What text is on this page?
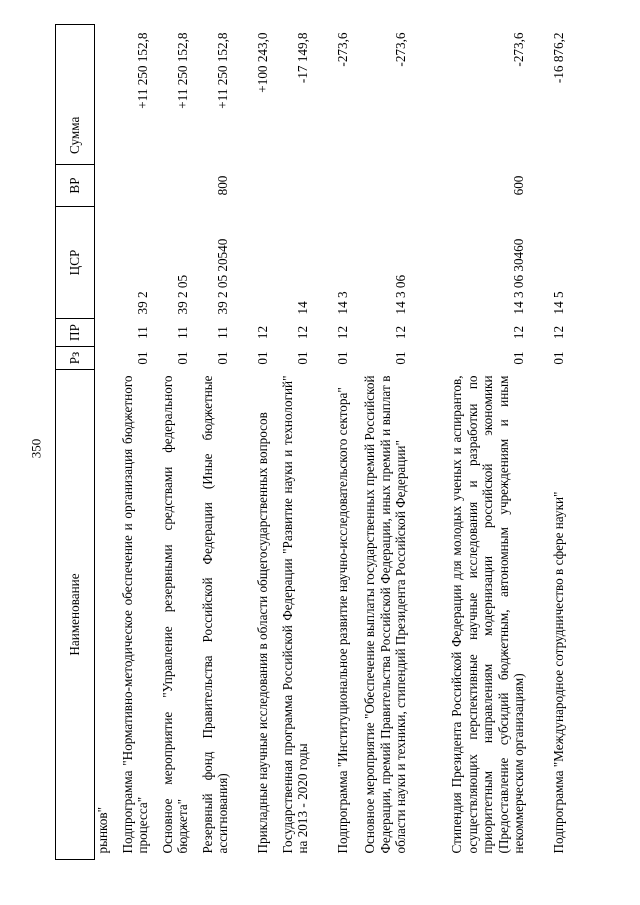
350
Наименование	Рз	ПР	ЦСР	ВР	Сумма
рынков"					
Подпрограмма "Нормативно-методическое обеспечение и организация бюджетного процесса"	01	11	39 2		+11 250 152,8
Основное мероприятие "Управление резервными средствами федерального бюджета"	01	11	39 2 05		+11 250 152,8
Резервный фонд Правительства Российской Федерации (Иные бюджетные ассигнования)	01	11	39 2 05 20540	800	+11 250 152,8
Прикладные научные исследования в области общегосударственных вопросов	01	12			+100 243,0
Государственная программа Российской Федерации "Развитие науки и технологий" на 2013 - 2020 годы	01	12	14		-17 149,8
Подпрограмма "Институциональное развитие научно-исследовательского сектора"	01	12	14 3		-273,6
Основное мероприятие "Обеспечение выплаты государственных премий Российской Федерации, премий Правительства Российской Федерации, иных премий и выплат в области науки и техники, стипендий Президента Российской Федерации"	01	12	14 3 06		-273,6
Стипендия Президента Российской Федерации для молодых ученых и аспирантов, осуществляющих перспективные научные исследования и разработки по приоритетным направлениям модернизации российской экономики (Предоставление субсидий бюджетным, автономным учреждениям и иным некоммерческим организациям)	01	12	14 3 06 30460	600	-273,6
Подпрограмма "Международное сотрудничество в сфере науки"	01	12	14 5		-16 876,2
